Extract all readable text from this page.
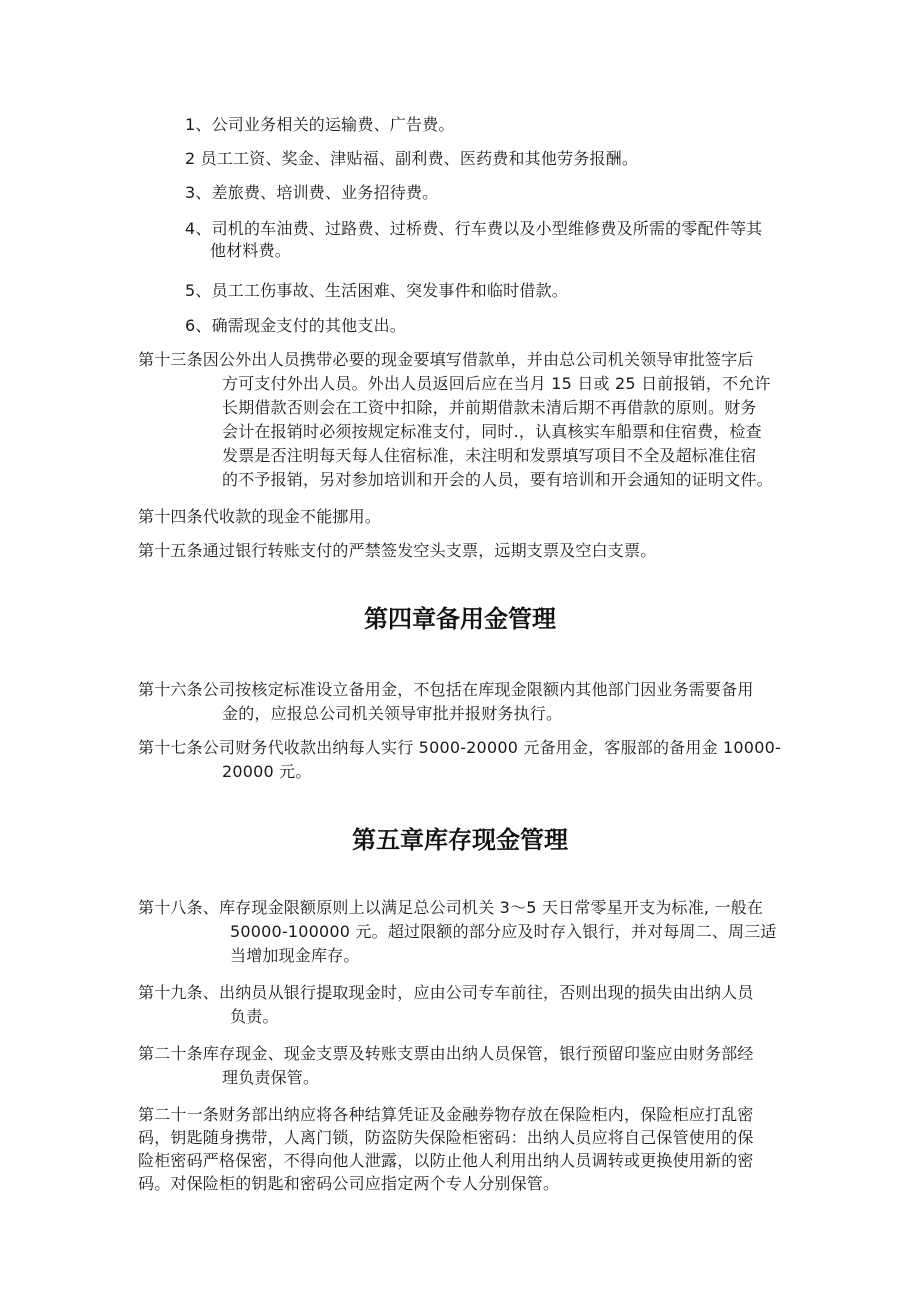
1、公司业务相关的运输费、广告费。

2 员工工资、奖金、津贴福、副利费、医药费和其他劳务报酬。

3、差旅费、培训费、业务招待费。

4、司机的车油费、过路费、过桥费、行车费以及小型维修费及所需的零配件等其

他材料费。

5、员工工伤事故、生活困难、突发事件和临时借款。

6、确需现金支付的其他支出。

第十三条因公外出人员携带必要的现金要填写借款单，并由总公司机关领导审批签字后

方可支付外出人员。外出人员返回后应在当月 15 日或 25 日前报销，不允许

长期借款否则会在工资中扣除，并前期借款未清后期不再借款的原则。财务

会计在报销时必须按规定标准支付，同时.，认真核实车船票和住宿费，检查

发票是否注明每天每人住宿标准，未注明和发票填写项目不全及超标准住宿

的不予报销，另对参加培训和开会的人员，要有培训和开会通知的证明文件。

第十四条代收款的现金不能挪用。

第十五条通过银行转账支付的严禁签发空头支票，远期支票及空白支票。

第四章备用金管理

第十六条公司按核定标准设立备用金，不包括在库现金限额内其他部门因业务需要备用

金的，应报总公司机关领导审批并报财务执行。

第十七条公司财务代收款出纳每人实行 5000-20000 元备用金，客服部的备用金 10000-

20000 元。

第五章库存现金管理

第十八条、库存现金限额原则上以满足总公司机关 3～5 天日常零星开支为标准, 一般在

50000-100000 元。超过限额的部分应及时存入银行，并对每周二、周三适

当增加现金库存。

第十九条、出纳员从银行提取现金时，应由公司专车前往，否则出现的损失由出纳人员

负责。

第二十条库存现金、现金支票及转账支票由出纳人员保管，银行预留印鉴应由财务部经

理负责保管。

第二十一条财务部出纳应将各种结算凭证及金融券物存放在保险柜内，保险柜应打乱密

码，钥匙随身携带，人离门锁，防盗防失保险柜密码：出纳人员应将自己保管使用的保

险柜密码严格保密，不得向他人泄露，以防止他人利用出纳人员调转或更换使用新的密

码。对保险柜的钥匙和密码公司应指定两个专人分别保管。
